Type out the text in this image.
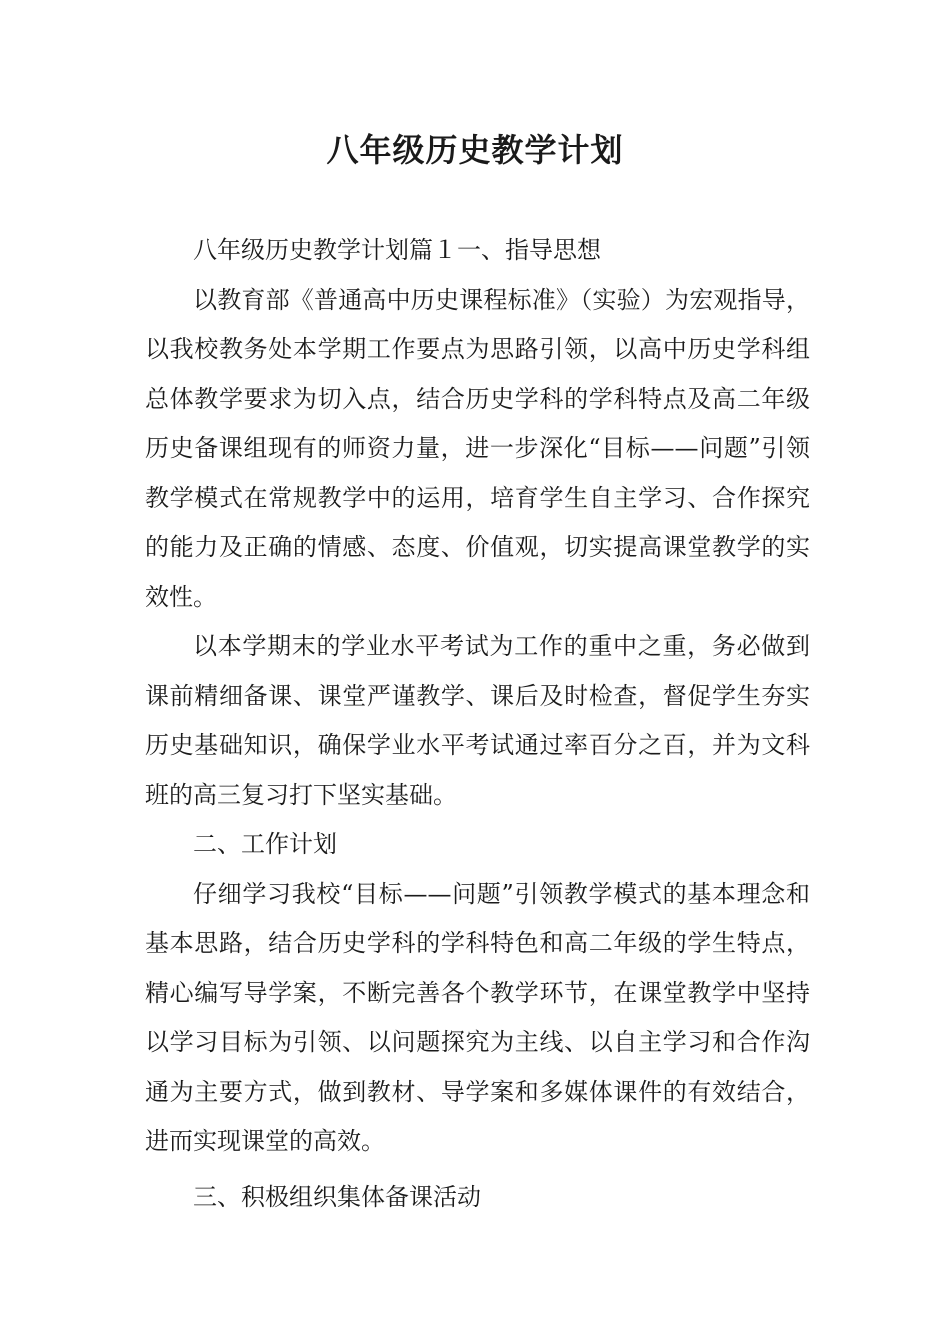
八年级历史教学计划

八年级历史教学计划篇１一、指导思想

以教育部《普通高中历史课程标准》（实验）为宏观指导，以我校教务处本学期工作要点为思路引领，以高中历史学科组总体教学要求为切入点，结合历史学科的学科特点及高二年级历史备课组现有的师资力量，进一步深化“目标——问题”引领教学模式在常规教学中的运用，培育学生自主学习、合作探究的能力及正确的情感、态度、价值观，切实提高课堂教学的实效性。

以本学期末的学业水平考试为工作的重中之重，务必做到课前精细备课、课堂严谨教学、课后及时检查，督促学生夯实历史基础知识，确保学业水平考试通过率百分之百，并为文科班的高三复习打下坚实基础。

二、工作计划

仔细学习我校“目标——问题”引领教学模式的基本理念和基本思路，结合历史学科的学科特色和高二年级的学生特点，精心编写导学案，不断完善各个教学环节，在课堂教学中坚持以学习目标为引领、以问题探究为主线、以自主学习和合作沟通为主要方式，做到教材、导学案和多媒体课件的有效结合，进而实现课堂的高效。

三、积极组织集体备课活动
